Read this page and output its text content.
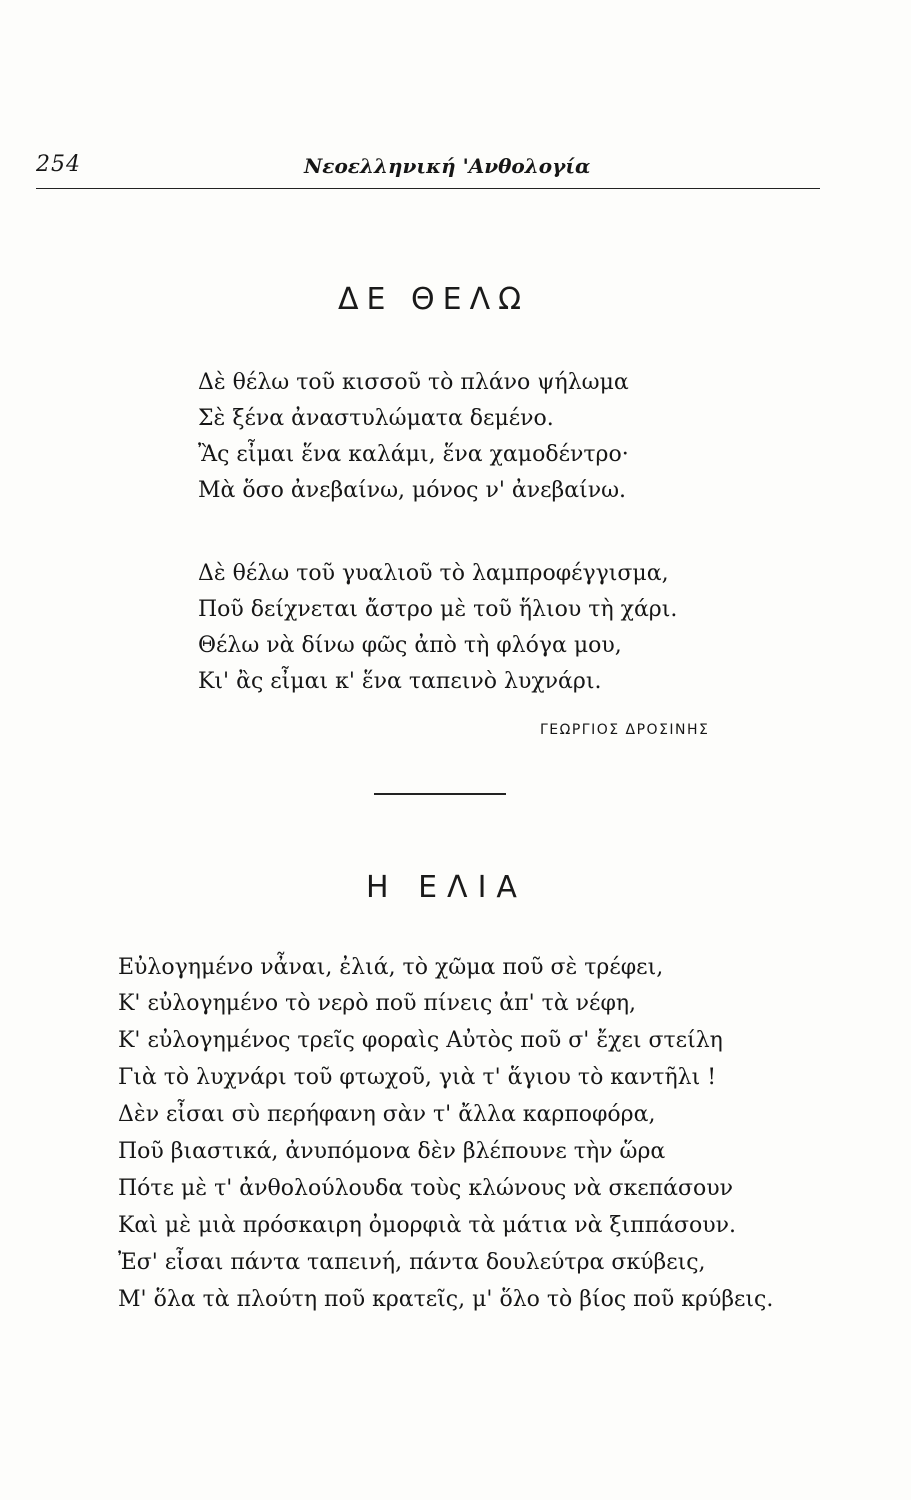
254	Νεοελληνική 'Ανθολογία
ΔΕ ΘΕΛΩ
Δὲ θέλω τοῦ κισσοῦ τὸ πλάνο ψήλωμα
Σὲ ξένα ἀναστυλώματα δεμένο.
Ἂς εἶμαι ἕνα καλάμι, ἕνα χαμοδέντρο·
Μὰ ὅσο ἀνεβαίνω, μόνος ν' ἀνεβαίνω.
Δὲ θέλω τοῦ γυαλιοῦ τὸ λαμπροφέγγισμα,
Ποῦ δείχνεται ἄστρο μὲ τοῦ ἥλιου τὴ χάρι.
Θέλω νὰ δίνω φῶς ἀπὸ τὴ φλόγα μου,
Κι' ἂς εἶμαι κ' ἕνα ταπεινὸ λυχνάρι.
ΓΕΩΡΓΙΟΣ ΔΡΟΣΙΝΗΣ
Η ΕΛΙΑ
Εὐλογημένο νἆναι, ἐλιά, τὸ χῶμα ποῦ σὲ τρέφει,
Κ' εὐλογημένο τὸ νερὸ ποῦ πίνεις ἀπ' τὰ νέφη,
Κ' εὐλογημένος τρεῖς φοραὶς Αὐτὸς ποῦ σ' ἔχει στείλη
Γιὰ τὸ λυχνάρι τοῦ φτωχοῦ, γιὰ τ' ἅγιου τὸ καντῆλι !
Δὲν εἶσαι σὺ περήφανη σὰν τ' ἄλλα καρποφόρα,
Ποῦ βιαστικά, ἀνυπόμονα δὲν βλέπουνε τὴν ὥρα
Πότε μὲ τ' ἀνθολούλουδα τοὺς κλώνους νὰ σκεπάσουν
Καὶ μὲ μιὰ πρόσκαιρη ὀμορφιὰ τὰ μάτια νὰ ξιππάσουν.
Ἐσ' εἶσαι πάντα ταπεινή, πάντα δουλεύτρα σκύβεις,
Μ' ὅλα τὰ πλούτη ποῦ κρατεῖς, μ' ὅλο τὸ βίος ποῦ κρύβεις.
